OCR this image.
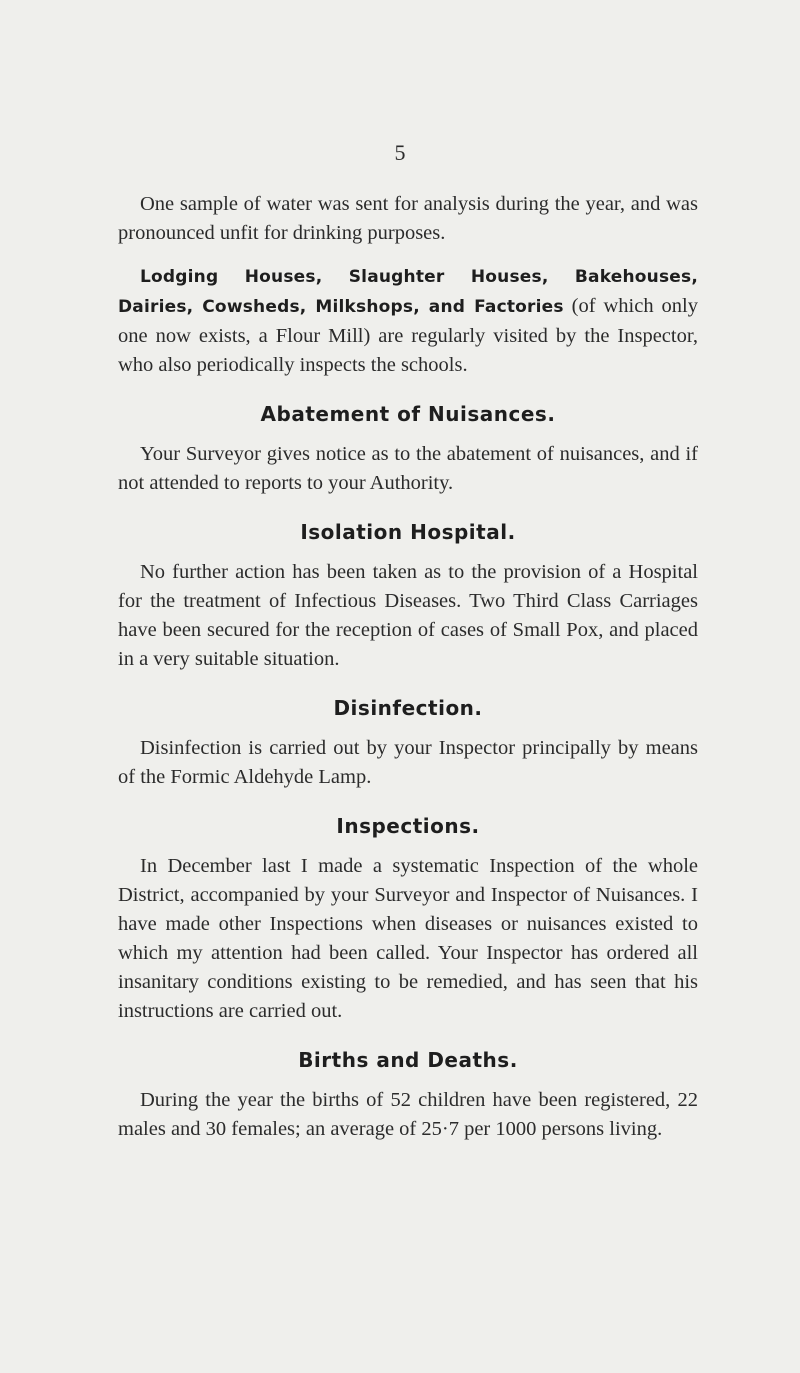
5

One sample of water was sent for analysis during the year, and was pronounced unfit for drinking purposes.

Lodging Houses, Slaughter Houses, Bakehouses, Dairies, Cowsheds, Milkshops, and Factories (of which only one now exists, a Flour Mill) are regularly visited by the Inspector, who also periodically inspects the schools.

Abatement of Nuisances.

Your Surveyor gives notice as to the abatement of nuisances, and if not attended to reports to your Authority.

Isolation Hospital.

No further action has been taken as to the provision of a Hospital for the treatment of Infectious Diseases. Two Third Class Carriages have been secured for the reception of cases of Small Pox, and placed in a very suitable situation.

Disinfection.

Disinfection is carried out by your Inspector principally by means of the Formic Aldehyde Lamp.

Inspections.

In December last I made a systematic Inspection of the whole District, accompanied by your Surveyor and Inspector of Nuisances. I have made other Inspections when diseases or nuisances existed to which my attention had been called. Your Inspector has ordered all insanitary conditions existing to be remedied, and has seen that his instructions are carried out.

Births and Deaths.

During the year the births of 52 children have been registered, 22 males and 30 females; an average of 25·7 per 1000 persons living.
